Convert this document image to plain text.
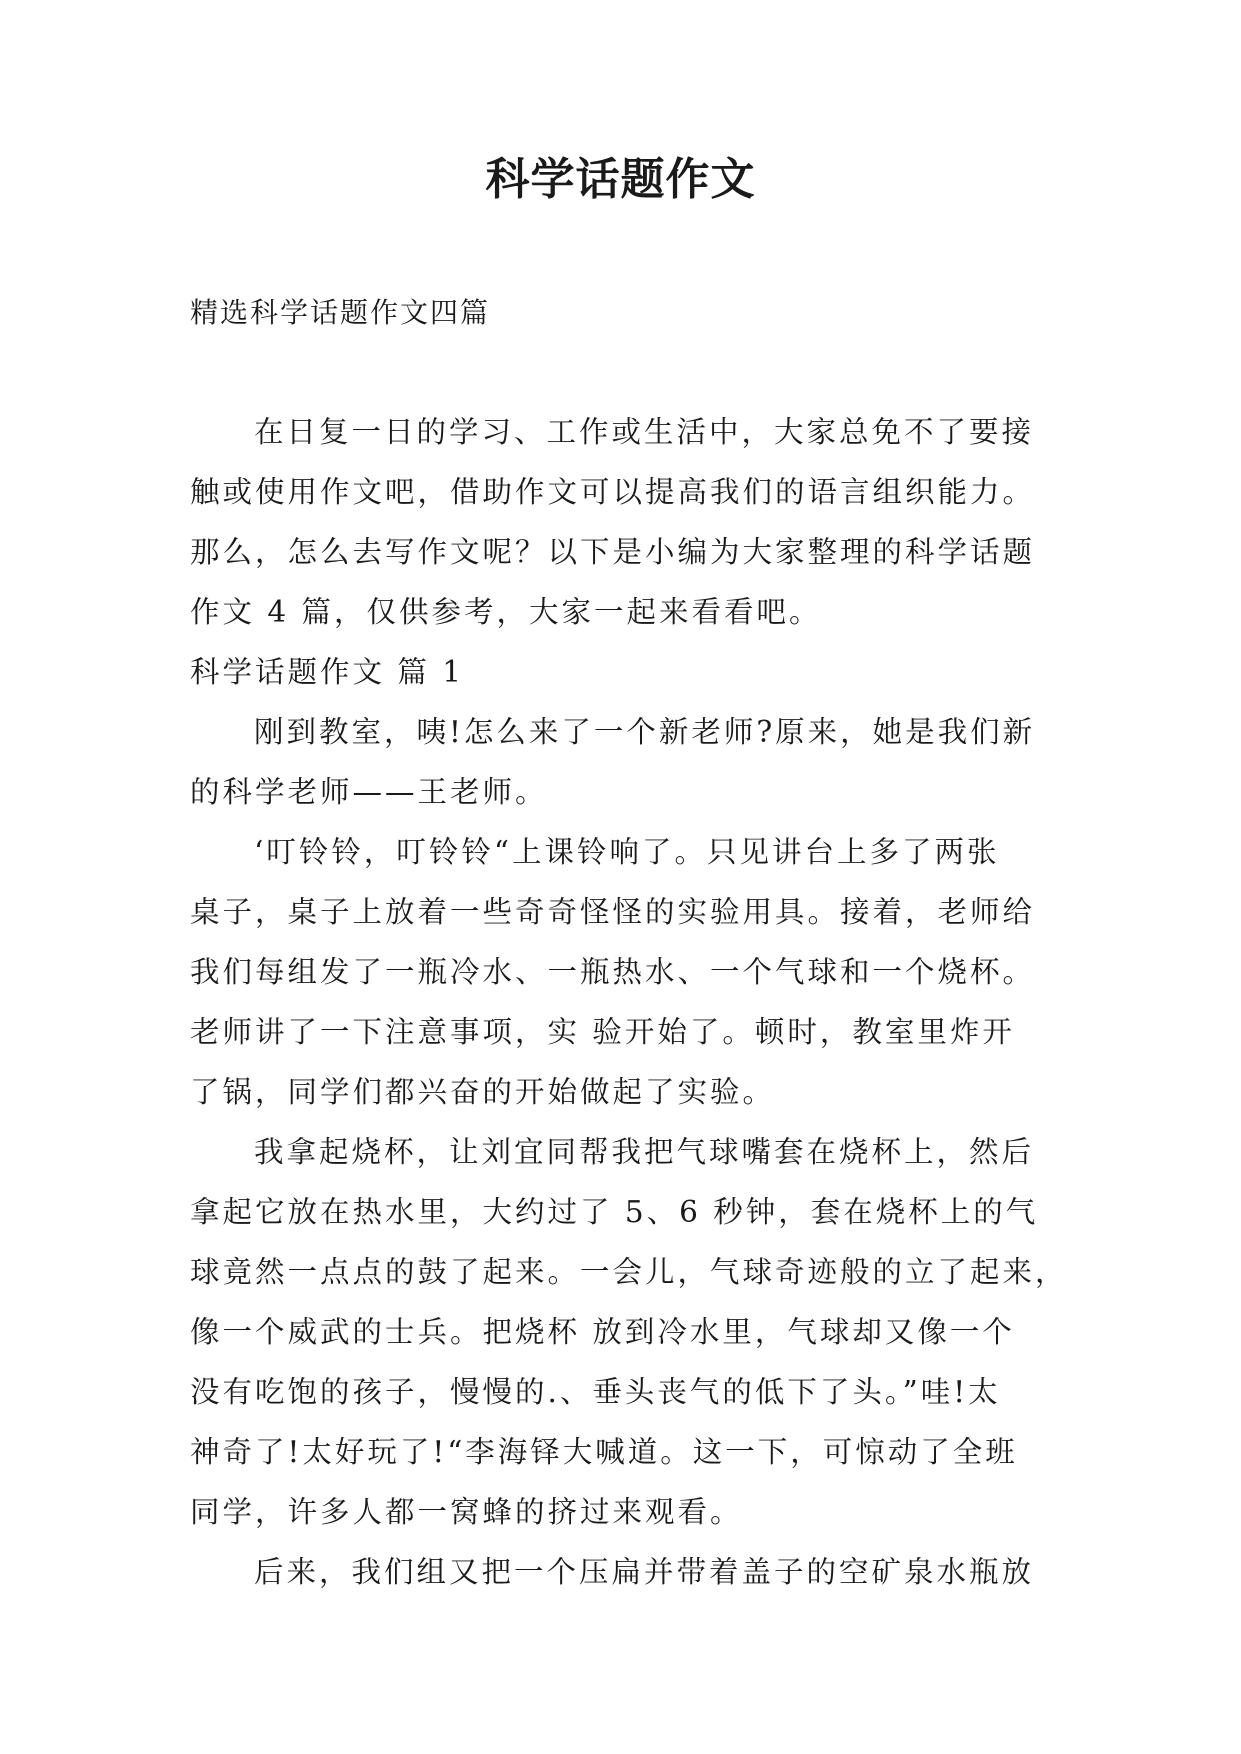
科学话题作文
精选科学话题作文四篇
在日复一日的学习、工作或生活中，大家总免不了要接
触或使用作文吧，借助作文可以提高我们的语言组织能力。
那么，怎么去写作文呢？以下是小编为大家整理的科学话题
作文 4 篇，仅供参考，大家一起来看看吧。
科学话题作文 篇 1
刚到教室，咦!怎么来了一个新老师?原来，她是我们新
的科学老师——王老师。
‘叮铃铃，叮铃铃“上课铃响了。只见讲台上多了两张
桌子，桌子上放着一些奇奇怪怪的实验用具。接着，老师给
我们每组发了一瓶冷水、一瓶热水、一个气球和一个烧杯。
老师讲了一下注意事项，实 验开始了。顿时，教室里炸开
了锅，同学们都兴奋的开始做起了实验。
我拿起烧杯，让刘宜同帮我把气球嘴套在烧杯上，然后
拿起它放在热水里，大约过了 5、6 秒钟，套在烧杯上的气
球竟然一点点的鼓了起来。一会儿，气球奇迹般的立了起来，
像一个威武的士兵。把烧杯 放到冷水里，气球却又像一个
没有吃饱的孩子，慢慢的.、垂头丧气的低下了头。”哇!太
神奇了!太好玩了!“李海铎大喊道。这一下，可惊动了全班
同学，许多人都一窝蜂的挤过来观看。
后来，我们组又把一个压扁并带着盖子的空矿泉水瓶放
